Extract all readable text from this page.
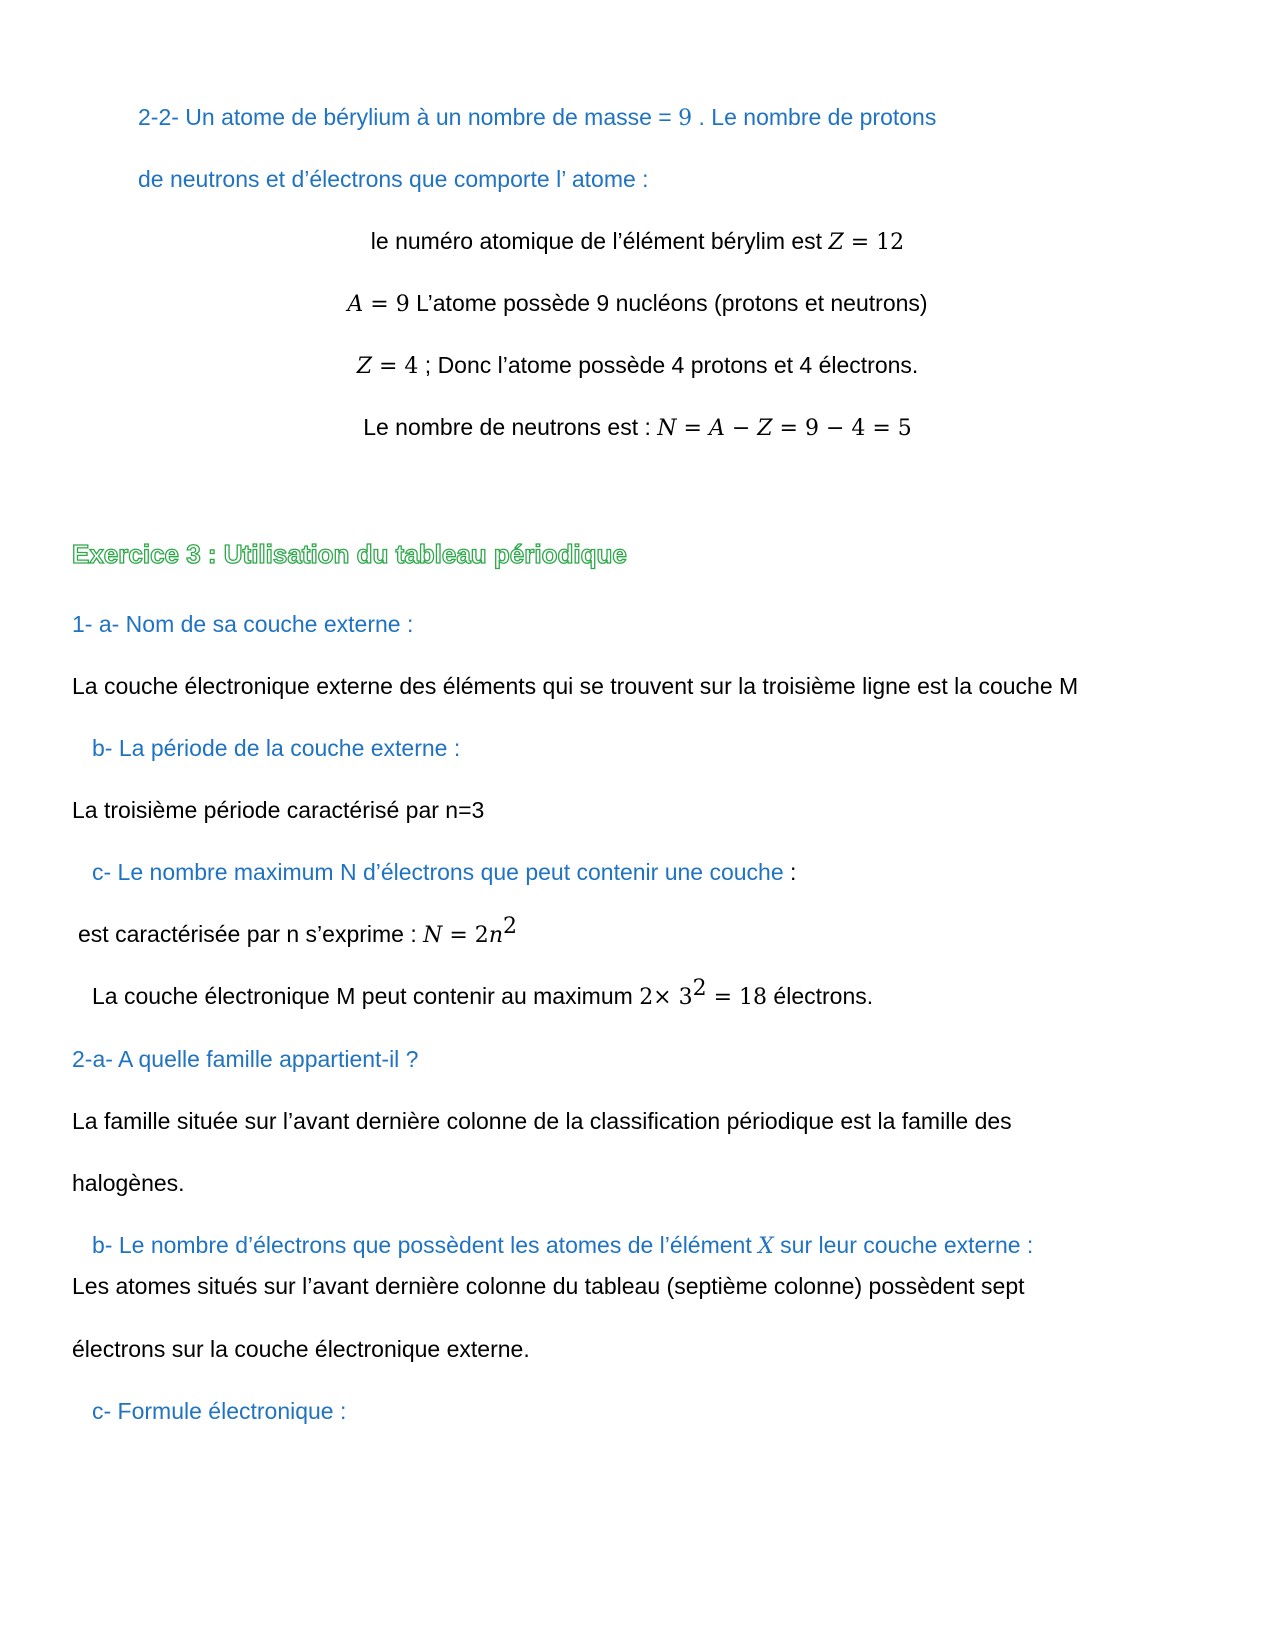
2-2- Un atome de bérylium à un nombre de masse = 9 . Le nombre de protons
de neutrons et d’électrons que comporte l’ atome :
le numéro atomique de l’élément bérylim est Z = 12
A = 9 L’atome possède 9 nucléons (protons et neutrons)
Z = 4 ; Donc l’atome possède 4 protons et 4 électrons.
Le nombre de neutrons est : N = A − Z = 9 − 4 = 5
Exercice 3 : Utilisation du tableau périodique
1- a- Nom de sa couche externe :
La couche électronique externe des éléments qui se trouvent sur la troisième ligne est la couche M
b- La période de la couche externe :
La troisième période caractérisé par n=3
c- Le nombre maximum N d’électrons que peut contenir une couche :
est caractérisée par n s’exprime : $N = 2n^2$
La couche électronique M peut contenir au maximum $2\times 3^2 = 18$ électrons.
2-a- A quelle famille appartient-il ?
La famille située sur l’avant dernière colonne de la classification périodique est la famille des
halogènes.
b- Le nombre d’électrons que possèdent les atomes de l’élément X sur leur couche externe :
Les atomes situés sur l’avant dernière colonne du tableau (septième colonne) possèdent sept
électrons sur la couche électronique externe.
c- Formule électronique :
